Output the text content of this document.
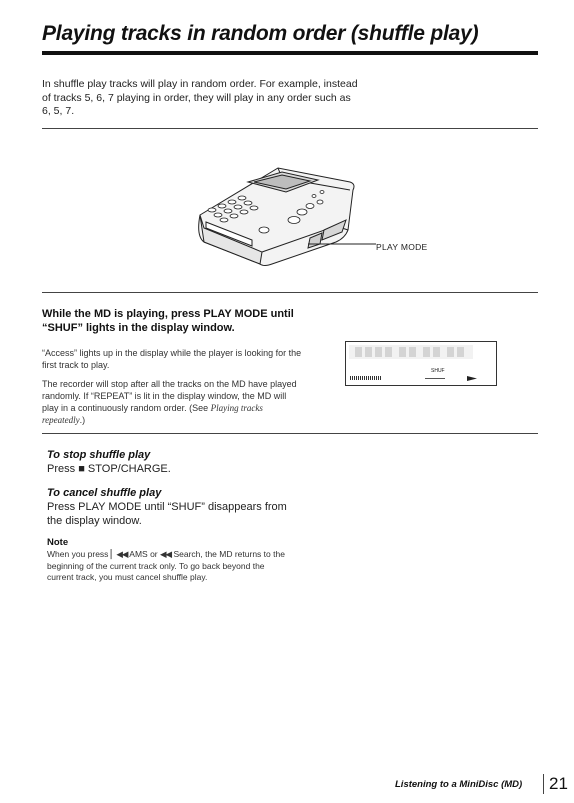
Playing tracks in random order (shuffle play)

In shuffle play tracks will play in random order. For example, instead of tracks 5, 6, 7 playing in order, they will play in any order such as 6, 5, 7.

PLAY MODE

While the MD is playing, press PLAY MODE until “SHUF” lights in the display window.

“Access” lights up in the display while the player is looking for the first track to play.

The recorder will stop after all the tracks on the MD have played randomly. If “REPEAT” is lit in the display window, the MD will play in a continuously random order. (See Playing tracks repeatedly.)

SHUF

To stop shuffle play

Press ■ STOP/CHARGE.

To cancel shuffle play

Press PLAY MODE until “SHUF” disappears from the display window.

Note

When you press ▏◀◀ AMS or ◀◀ Search, the MD returns to the beginning of the current track only. To go back beyond the current track, you must cancel shuffle play.

Listening to a MiniDisc (MD) 21
